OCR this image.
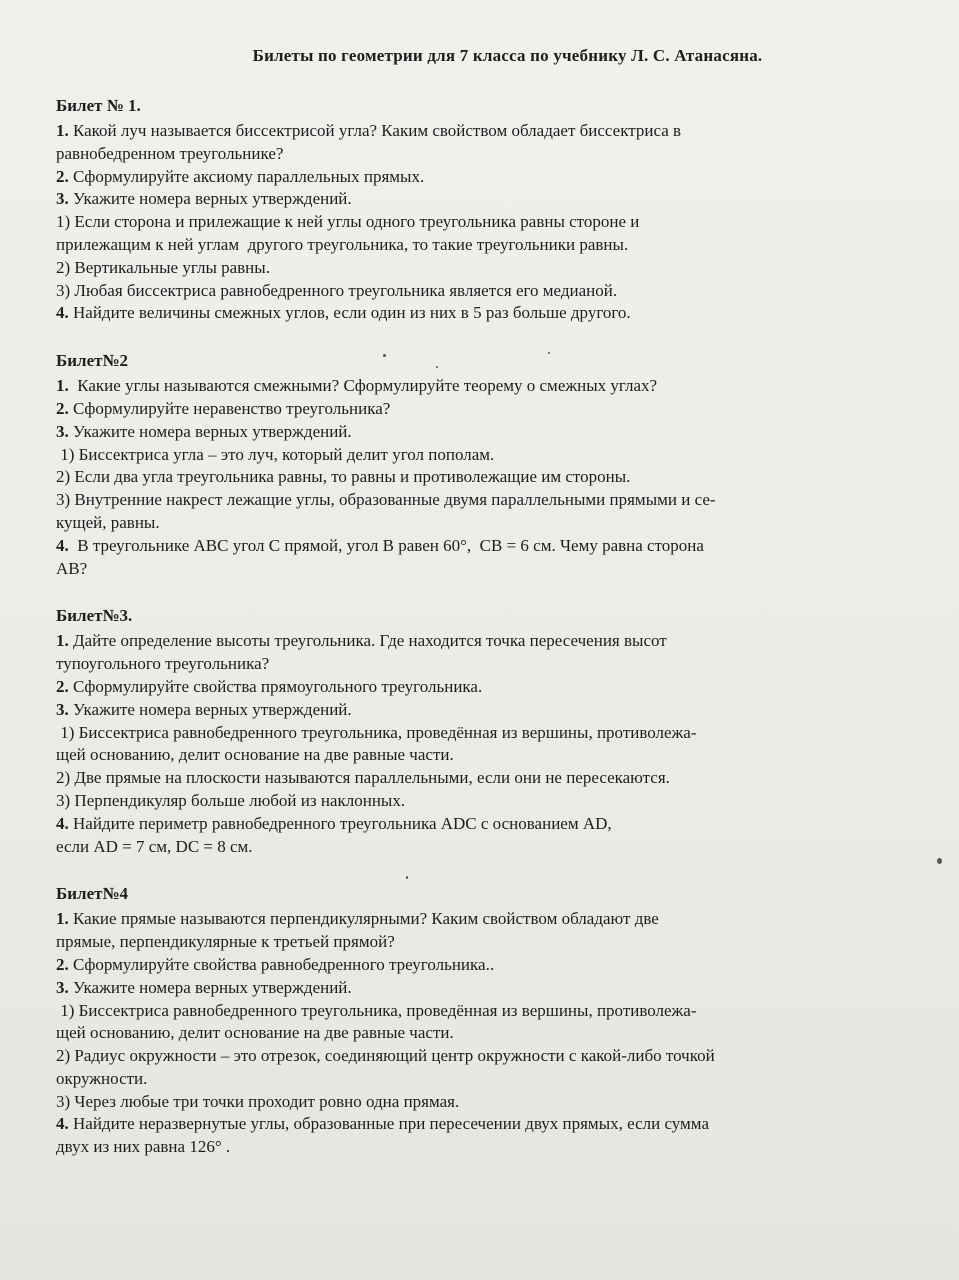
Билеты по геометрии для 7 класса по учебнику Л. С. Атанасяна.
Билет № 1.
1. Какой луч называется биссектрисой угла? Каким свойством обладает биссектриса в
равнобедренном треугольнике?
2. Сформулируйте аксиому параллельных прямых.
3. Укажите номера верных утверждений.
1) Если сторона и прилежащие к ней углы одного треугольника равны стороне и
прилежащим к ней углам  другого треугольника, то такие треугольники равны.
2) Вертикальные углы равны.
3) Любая биссектриса равнобедренного треугольника является его медианой.
4. Найдите величины смежных углов, если один из них в 5 раз больше другого.
Билет№2
1.  Какие углы называются смежными? Сформулируйте теорему о смежных углах?
2. Сформулируйте неравенство треугольника?
3. Укажите номера верных утверждений.
1) Биссектриса угла – это луч, который делит угол пополам.
2) Если два угла треугольника равны, то равны и противолежащие им стороны.
3) Внутренние накрест лежащие углы, образованные двумя параллельными прямыми и се-
кущей, равны.
4.  В треугольнике АВС угол С прямой, угол В равен 60°,  СВ = 6 см. Чему равна сторона
АВ?
Билет№3.
1. Дайте определение высоты треугольника. Где находится точка пересечения высот
тупоугольного треугольника?
2. Сформулируйте свойства прямоугольного треугольника.
3. Укажите номера верных утверждений.
1) Биссектриса равнобедренного треугольника, проведённая из вершины, противолежа-
щей основанию, делит основание на две равные части.
2) Две прямые на плоскости называются параллельными, если они не пересекаются.
3) Перпендикуляр больше любой из наклонных.
4. Найдите периметр равнобедренного треугольника ADC с основанием AD,
если AD = 7 см, DC = 8 см.
Билет№4
1. Какие прямые называются перпендикулярными? Каким свойством обладают две
прямые, перпендикулярные к третьей прямой?
2. Сформулируйте свойства равнобедренного треугольника..
3. Укажите номера верных утверждений.
1) Биссектриса равнобедренного треугольника, проведённая из вершины, противолежа-
щей основанию, делит основание на две равные части.
2) Радиус окружности – это отрезок, соединяющий центр окружности с какой-либо точкой
окружности.
3) Через любые три точки проходит ровно одна прямая.
4. Найдите неразвернутые углы, образованные при пересечении двух прямых, если сумма
двух из них равна 126° .
